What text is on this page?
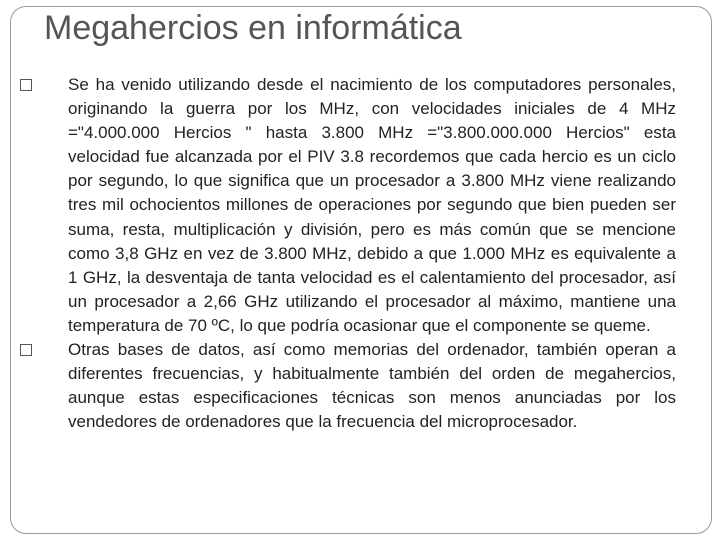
Megahercios en informática
Se ha venido utilizando desde el nacimiento de los computadores personales, originando la guerra por los MHz, con velocidades iniciales de 4 MHz ="4.000.000 Hercios " hasta 3.800 MHz ="3.800.000.000 Hercios" esta velocidad fue alcanzada por el PIV 3.8 recordemos que cada hercio es un ciclo por segundo, lo que significa que un procesador a 3.800 MHz viene realizando tres mil ochocientos millones de operaciones por segundo que bien pueden ser suma, resta, multiplicación y división, pero es más común que se mencione como 3,8 GHz en vez de 3.800 MHz, debido a que 1.000 MHz es equivalente a 1 GHz, la desventaja de tanta velocidad es el calentamiento del procesador, así un procesador a 2,66 GHz utilizando el procesador al máximo, mantiene una temperatura de 70 ºC, lo que podría ocasionar que el componente se queme.
Otras bases de datos, así como memorias del ordenador, también operan a diferentes frecuencias, y habitualmente también del orden de megahercios, aunque estas especificaciones técnicas son menos anunciadas por los vendedores de ordenadores que la frecuencia del microprocesador.
